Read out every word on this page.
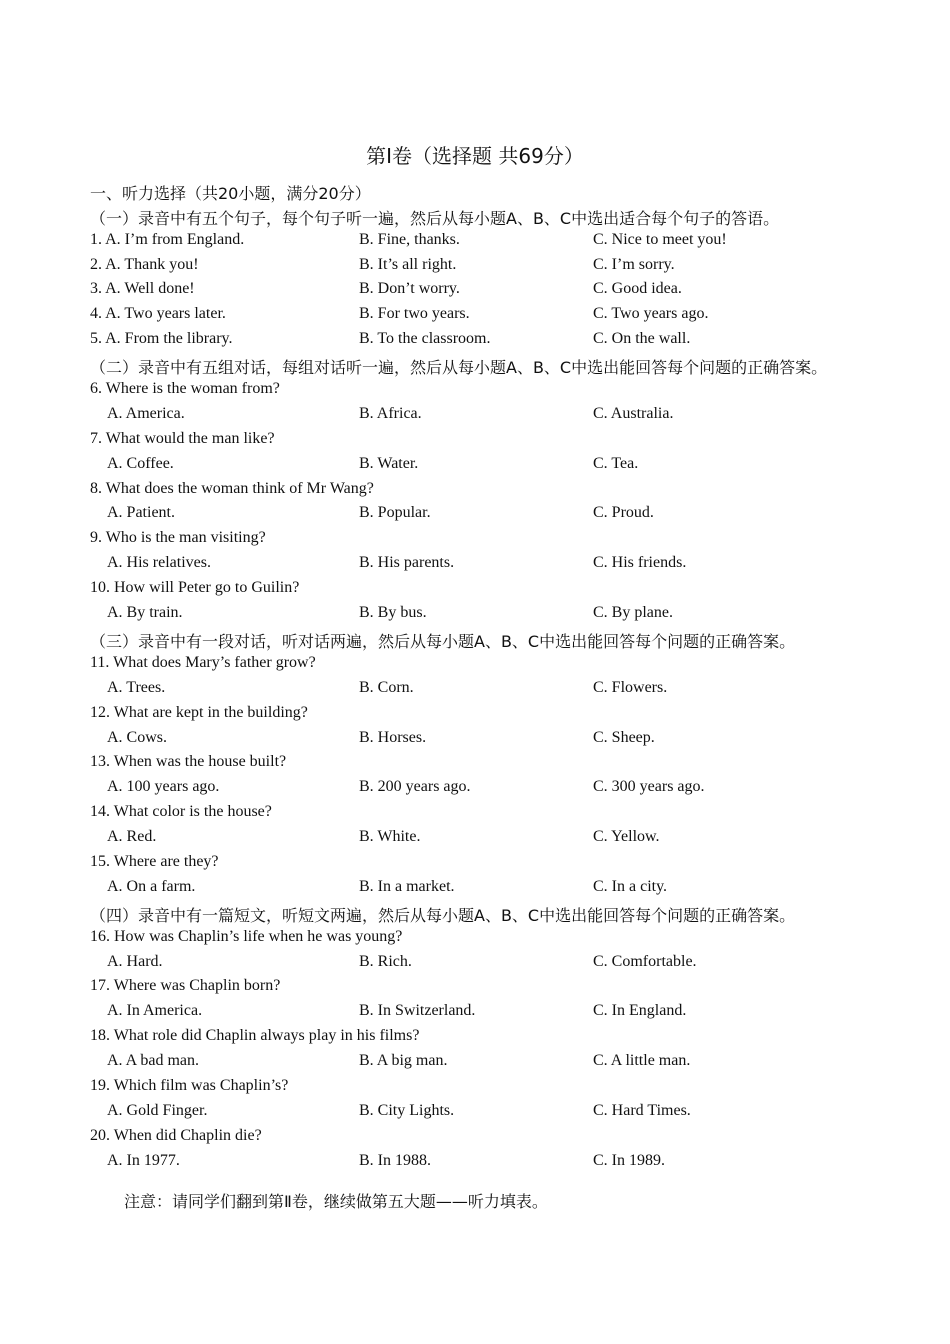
第Ⅰ卷（选择题 共69分）
一、听力选择（共20小题，满分20分）
（一）录音中有五个句子，每个句子听一遍，然后从每小题A、B、C中选出适合每个句子的答语。
1. A. I’m from England.	B. Fine, thanks.	C. Nice to meet you!
2. A. Thank you!	B. It’s all right.	C. I’m sorry.
3. A. Well done!	B. Don’t worry.	C. Good idea.
4. A. Two years later.	B. For two years.	C. Two years ago.
5. A. From the library.	B. To the classroom.	C. On the wall.
（二）录音中有五组对话，每组对话听一遍，然后从每小题A、B、C中选出能回答每个问题的正确答案。
6. Where is the woman from?
A. America.	B. Africa.	C. Australia.
7. What would the man like?
A. Coffee.	B. Water.	C. Tea.
8. What does the woman think of Mr Wang?
A. Patient.	B. Popular.	C. Proud.
9. Who is the man visiting?
A. His relatives.	B. His parents.	C. His friends.
10. How will Peter go to Guilin?
A. By train.	B. By bus.	C. By plane.
（三）录音中有一段对话，听对话两遍，然后从每小题A、B、C中选出能回答每个问题的正确答案。
11. What does Mary’s father grow?
A. Trees.	B. Corn.	C. Flowers.
12. What are kept in the building?
A. Cows.	B. Horses.	C. Sheep.
13. When was the house built?
A. 100 years ago.	B. 200 years ago.	C. 300 years ago.
14. What color is the house?
A. Red.	B. White.	C. Yellow.
15. Where are they?
A. On a farm.	B. In a market.	C. In a city.
（四）录音中有一篇短文，听短文两遍，然后从每小题A、B、C中选出能回答每个问题的正确答案。
16. How was Chaplin’s life when he was young?
A. Hard.	B. Rich.	C. Comfortable.
17. Where was Chaplin born?
A. In America.	B. In Switzerland.	C. In England.
18. What role did Chaplin always play in his films?
A. A bad man.	B. A big man.	C. A little man.
19. Which film was Chaplin’s?
A. Gold Finger.	B. City Lights.	C. Hard Times.
20. When did Chaplin die?
A. In 1977.	B. In 1988.	C. In 1989.
注意：请同学们翻到第Ⅱ卷，继续做第五大题——听力填表。
